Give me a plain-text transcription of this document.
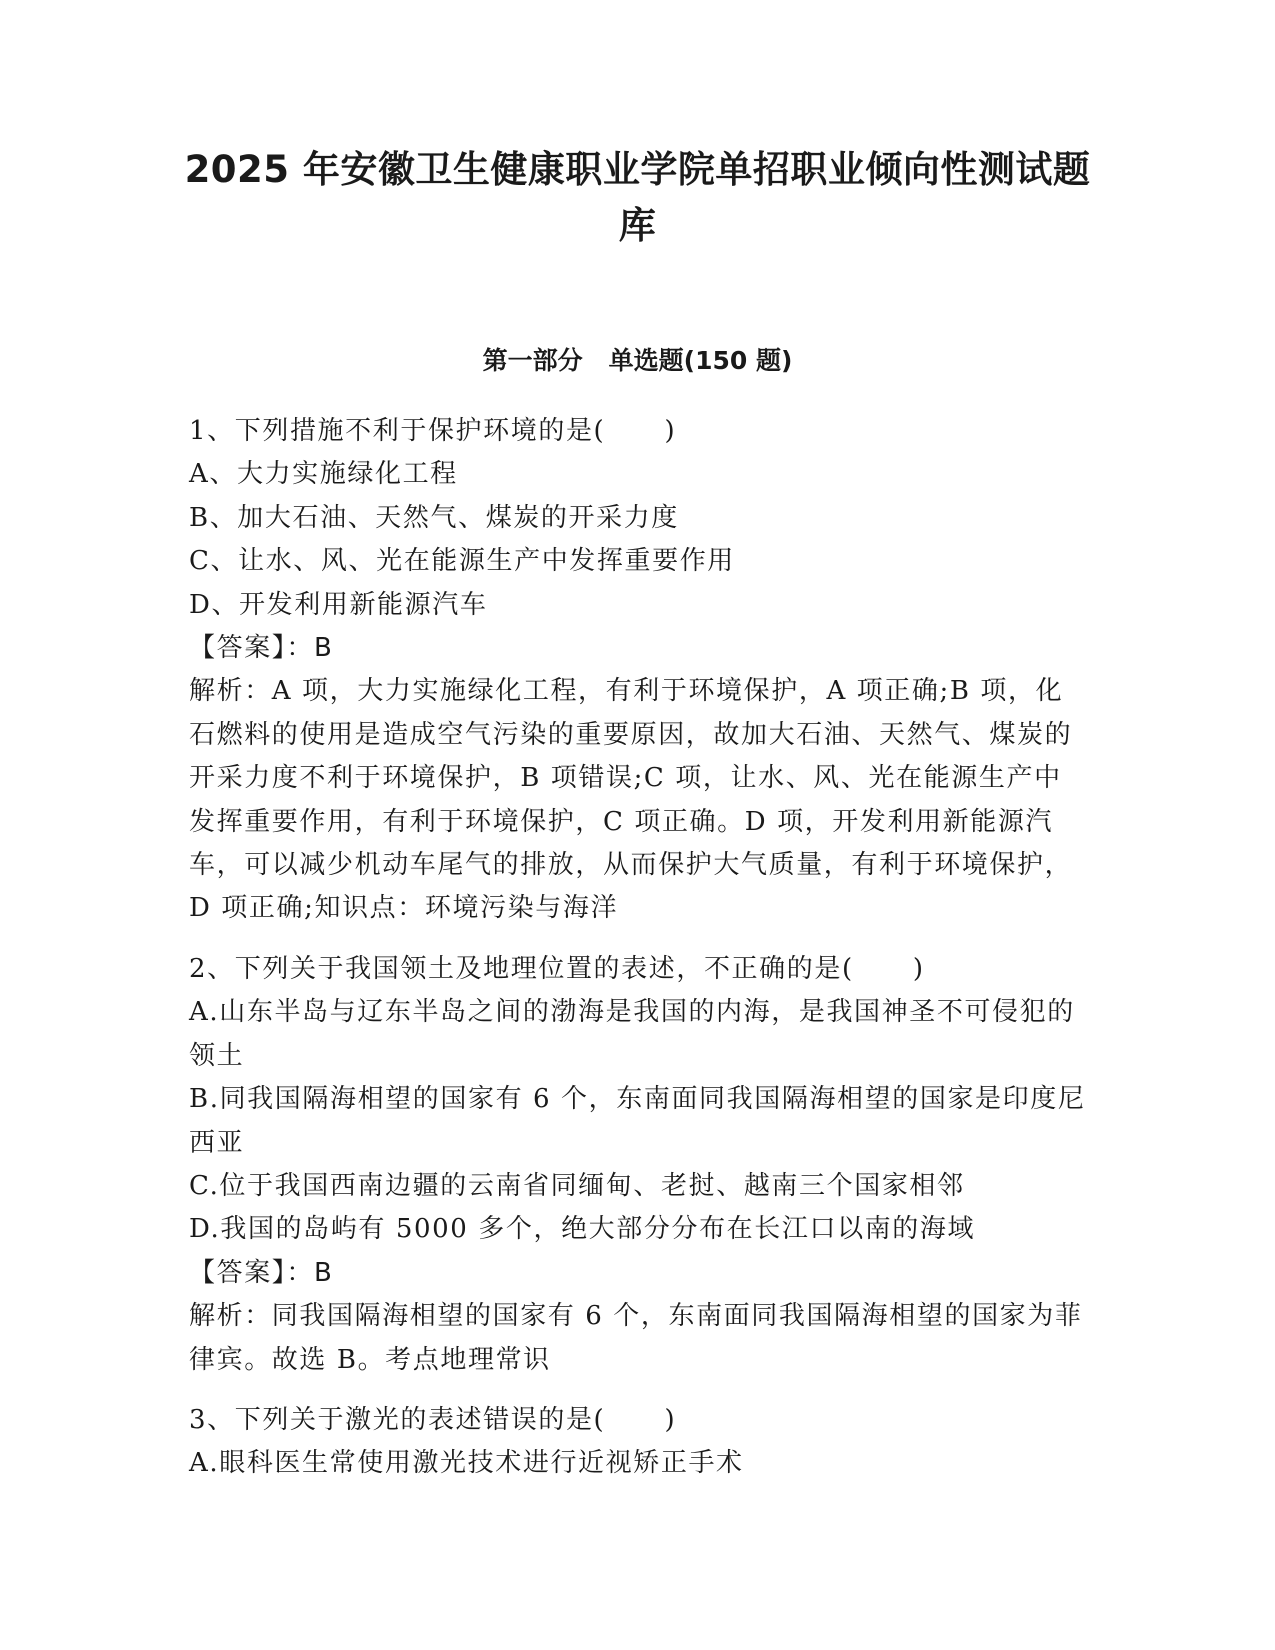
2025 年安徽卫生健康职业学院单招职业倾向性测试题
库
第一部分   单选题(150 题)

1、下列措施不利于保护环境的是(      )

A、大力实施绿化工程

B、加大石油、天然气、煤炭的开采力度

C、让水、风、光在能源生产中发挥重要作用

D、开发利用新能源汽车

【答案】：B

解析：A 项，大力实施绿化工程，有利于环境保护，A 项正确;B 项，化石燃料的使用是造成空气污染的重要原因，故加大石油、天然气、煤炭的开采力度不利于环境保护，B 项错误;C 项，让水、风、光在能源生产中发挥重要作用，有利于环境保护，C 项正确。D 项，开发利用新能源汽车，可以减少机动车尾气的排放，从而保护大气质量，有利于环境保护，D 项正确;知识点：环境污染与海洋

2、下列关于我国领土及地理位置的表述，不正确的是(      )

A.山东半岛与辽东半岛之间的渤海是我国的内海，是我国神圣不可侵犯的领土

B.同我国隔海相望的国家有 6 个，东南面同我国隔海相望的国家是印度尼西亚

C.位于我国西南边疆的云南省同缅甸、老挝、越南三个国家相邻

D.我国的岛屿有 5000 多个，绝大部分分布在长江口以南的海域

【答案】：B

解析：同我国隔海相望的国家有 6 个，东南面同我国隔海相望的国家为菲律宾。故选 B。考点地理常识

3、下列关于激光的表述错误的是(      )

A.眼科医生常使用激光技术进行近视矫正手术
